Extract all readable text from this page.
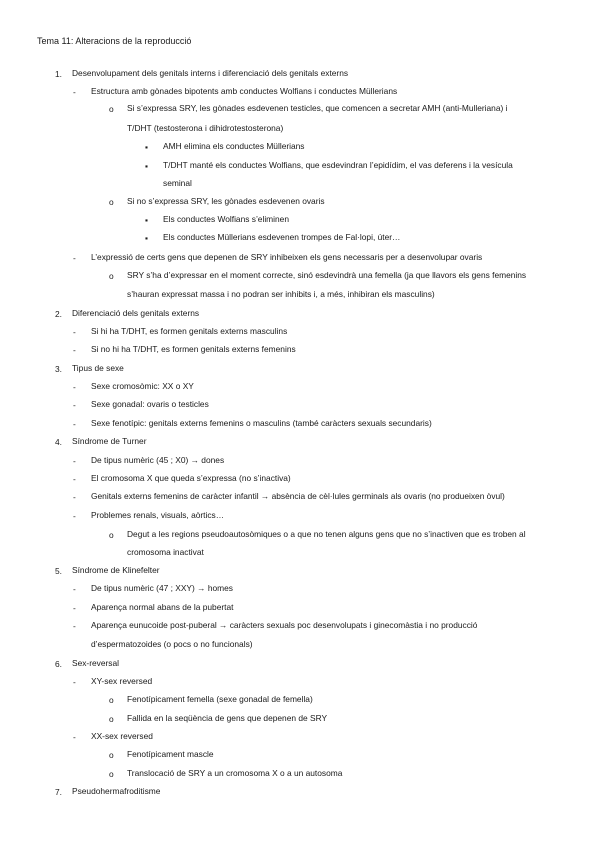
Tema 11: Alteracions de la reproducció
1. Desenvolupament dels genitals interns i diferenciació dels genitals externs
- Estructura amb gònades bipotents amb conductes Wolfians i conductes Müllerians
o Si s’expressa SRY, les gònades esdevenen testicles, que comencen a secretar AMH (anti-Mulleriana) i
T/DHT (testosterona i dihidrotestosterona)
▪ AMH elimina els conductes Müllerians
▪ T/DHT manté els conductes Wolfians, que esdevindran l’epidídim, el vas deferens i la vesícula
seminal
o Si no s’expressa SRY, les gònades esdevenen ovaris
▪ Els conductes Wolfians s’eliminen
▪ Els conductes Müllerians esdevenen trompes de Fal·lopi, úter…
- L’expressió de certs gens que depenen de SRY inhibeixen els gens necessaris per a desenvolupar ovaris
o SRY s’ha d’expressar en el moment correcte, sinó esdevindrà una femella (ja que llavors els gens femenins
s’hauran expressat massa i no podran ser inhibits i, a més, inhibiran els masculins)
2. Diferenciació dels genitals externs
- Si hi ha T/DHT, es formen genitals externs masculins
- Si no hi ha T/DHT, es formen genitals externs femenins
3. Tipus de sexe
- Sexe cromosòmic: XX o XY
- Sexe gonadal: ovaris o testicles
- Sexe fenotípic: genitals externs femenins o masculins (també caràcters sexuals secundaris)
4. Síndrome de Turner
- De tipus numèric (45 ; X0) → dones
- El cromosoma X que queda s’expressa (no s’inactiva)
- Genitals externs femenins de caràcter infantil → absència de cèl·lules germinals als ovaris (no produeixen òvul)
- Problemes renals, visuals, aòrtics…
o Degut a les regions pseudoautosòmiques o a que no tenen alguns gens que no s’inactiven que es troben al
cromosoma inactivat
5. Síndrome de Klinefelter
- De tipus numèric (47 ; XXY) → homes
- Aparença normal abans de la pubertat
- Aparença eunucoide post-puberal → caràcters sexuals poc desenvolupats i ginecomàstia i no producció
d’espermatozoides (o pocs o no funcionals)
6. Sex-reversal
- XY-sex reversed
o Fenotípicament femella (sexe gonadal de femella)
o Fallida en la seqüència de gens que depenen de SRY
- XX-sex reversed
o Fenotípicament mascle
o Translocació de SRY a un cromosoma X o a un autosoma
7. Pseudohermafroditisme
